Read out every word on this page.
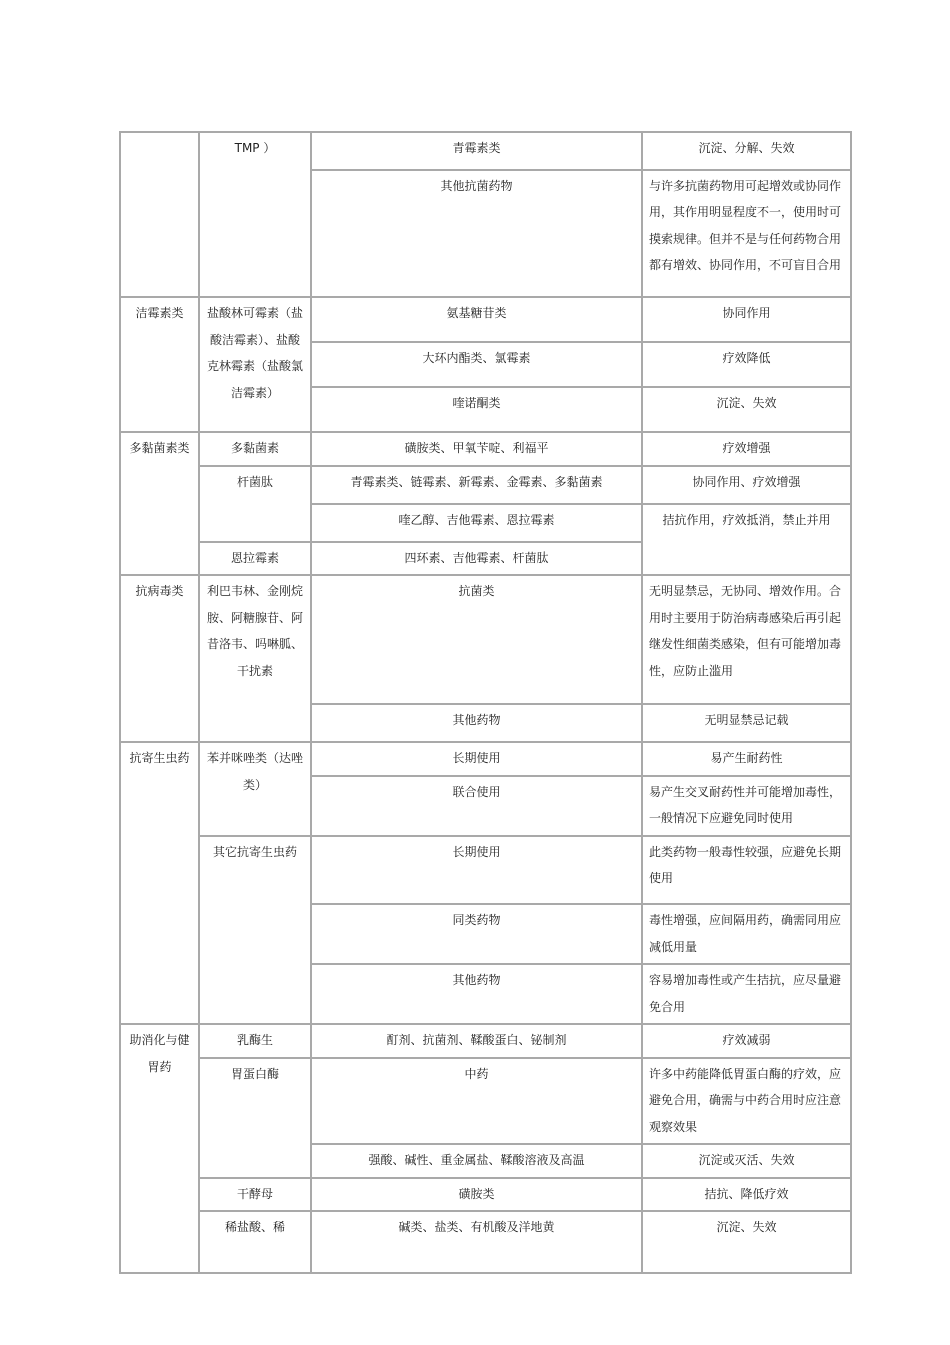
	TMP ）	青霉素类	沉淀、分解、失效
		其他抗菌药物	与许多抗菌药物用可起增效或协同作用，其作用明显程度不一，使用时可摸索规律。但并不是与任何药物合用都有增效、协同作用，不可盲目合用
洁霉素类	盐酸林可霉素（盐酸洁霉素）、盐酸克林霉素（盐酸氯洁霉素）	氨基糖苷类	协同作用
		大环内酯类、氯霉素	疗效降低
		喹诺酮类	沉淀、失效
多黏菌素类	多黏菌素	磺胺类、甲氧苄啶、利福平	疗效增强
	杆菌肽	青霉素类、链霉素、新霉素、金霉素、多黏菌素	协同作用、疗效增强
		喹乙醇、吉他霉素、恩拉霉素	拮抗作用，疗效抵消，禁止并用
	恩拉霉素	四环素、吉他霉素、杆菌肽	
抗病毒类	利巴韦林、金刚烷胺、阿糖腺苷、阿昔洛韦、吗啉胍、干扰素	抗菌类	无明显禁忌，无协同、增效作用。合用时主要用于防治病毒感染后再引起继发性细菌类感染，但有可能增加毒性，应防止滥用
		其他药物	无明显禁忌记载
抗寄生虫药	苯并咪唑类（达唑类）	长期使用	易产生耐药性
		联合使用	易产生交叉耐药性并可能增加毒性，一般情况下应避免同时使用
	其它抗寄生虫药	长期使用	此类药物一般毒性较强，应避免长期使用
		同类药物	毒性增强，应间隔用药，确需同用应减低用量
		其他药物	容易增加毒性或产生拮抗，应尽量避免合用
助消化与健胃药	乳酶生	酊剂、抗菌剂、鞣酸蛋白、铋制剂	疗效减弱
	胃蛋白酶	中药	许多中药能降低胃蛋白酶的疗效，应避免合用，确需与中药合用时应注意观察效果
		强酸、碱性、重金属盐、鞣酸溶液及高温	沉淀或灭活、失效
	干酵母	磺胺类	拮抗、降低疗效
	稀盐酸、稀	碱类、盐类、有机酸及洋地黄	沉淀、失效
